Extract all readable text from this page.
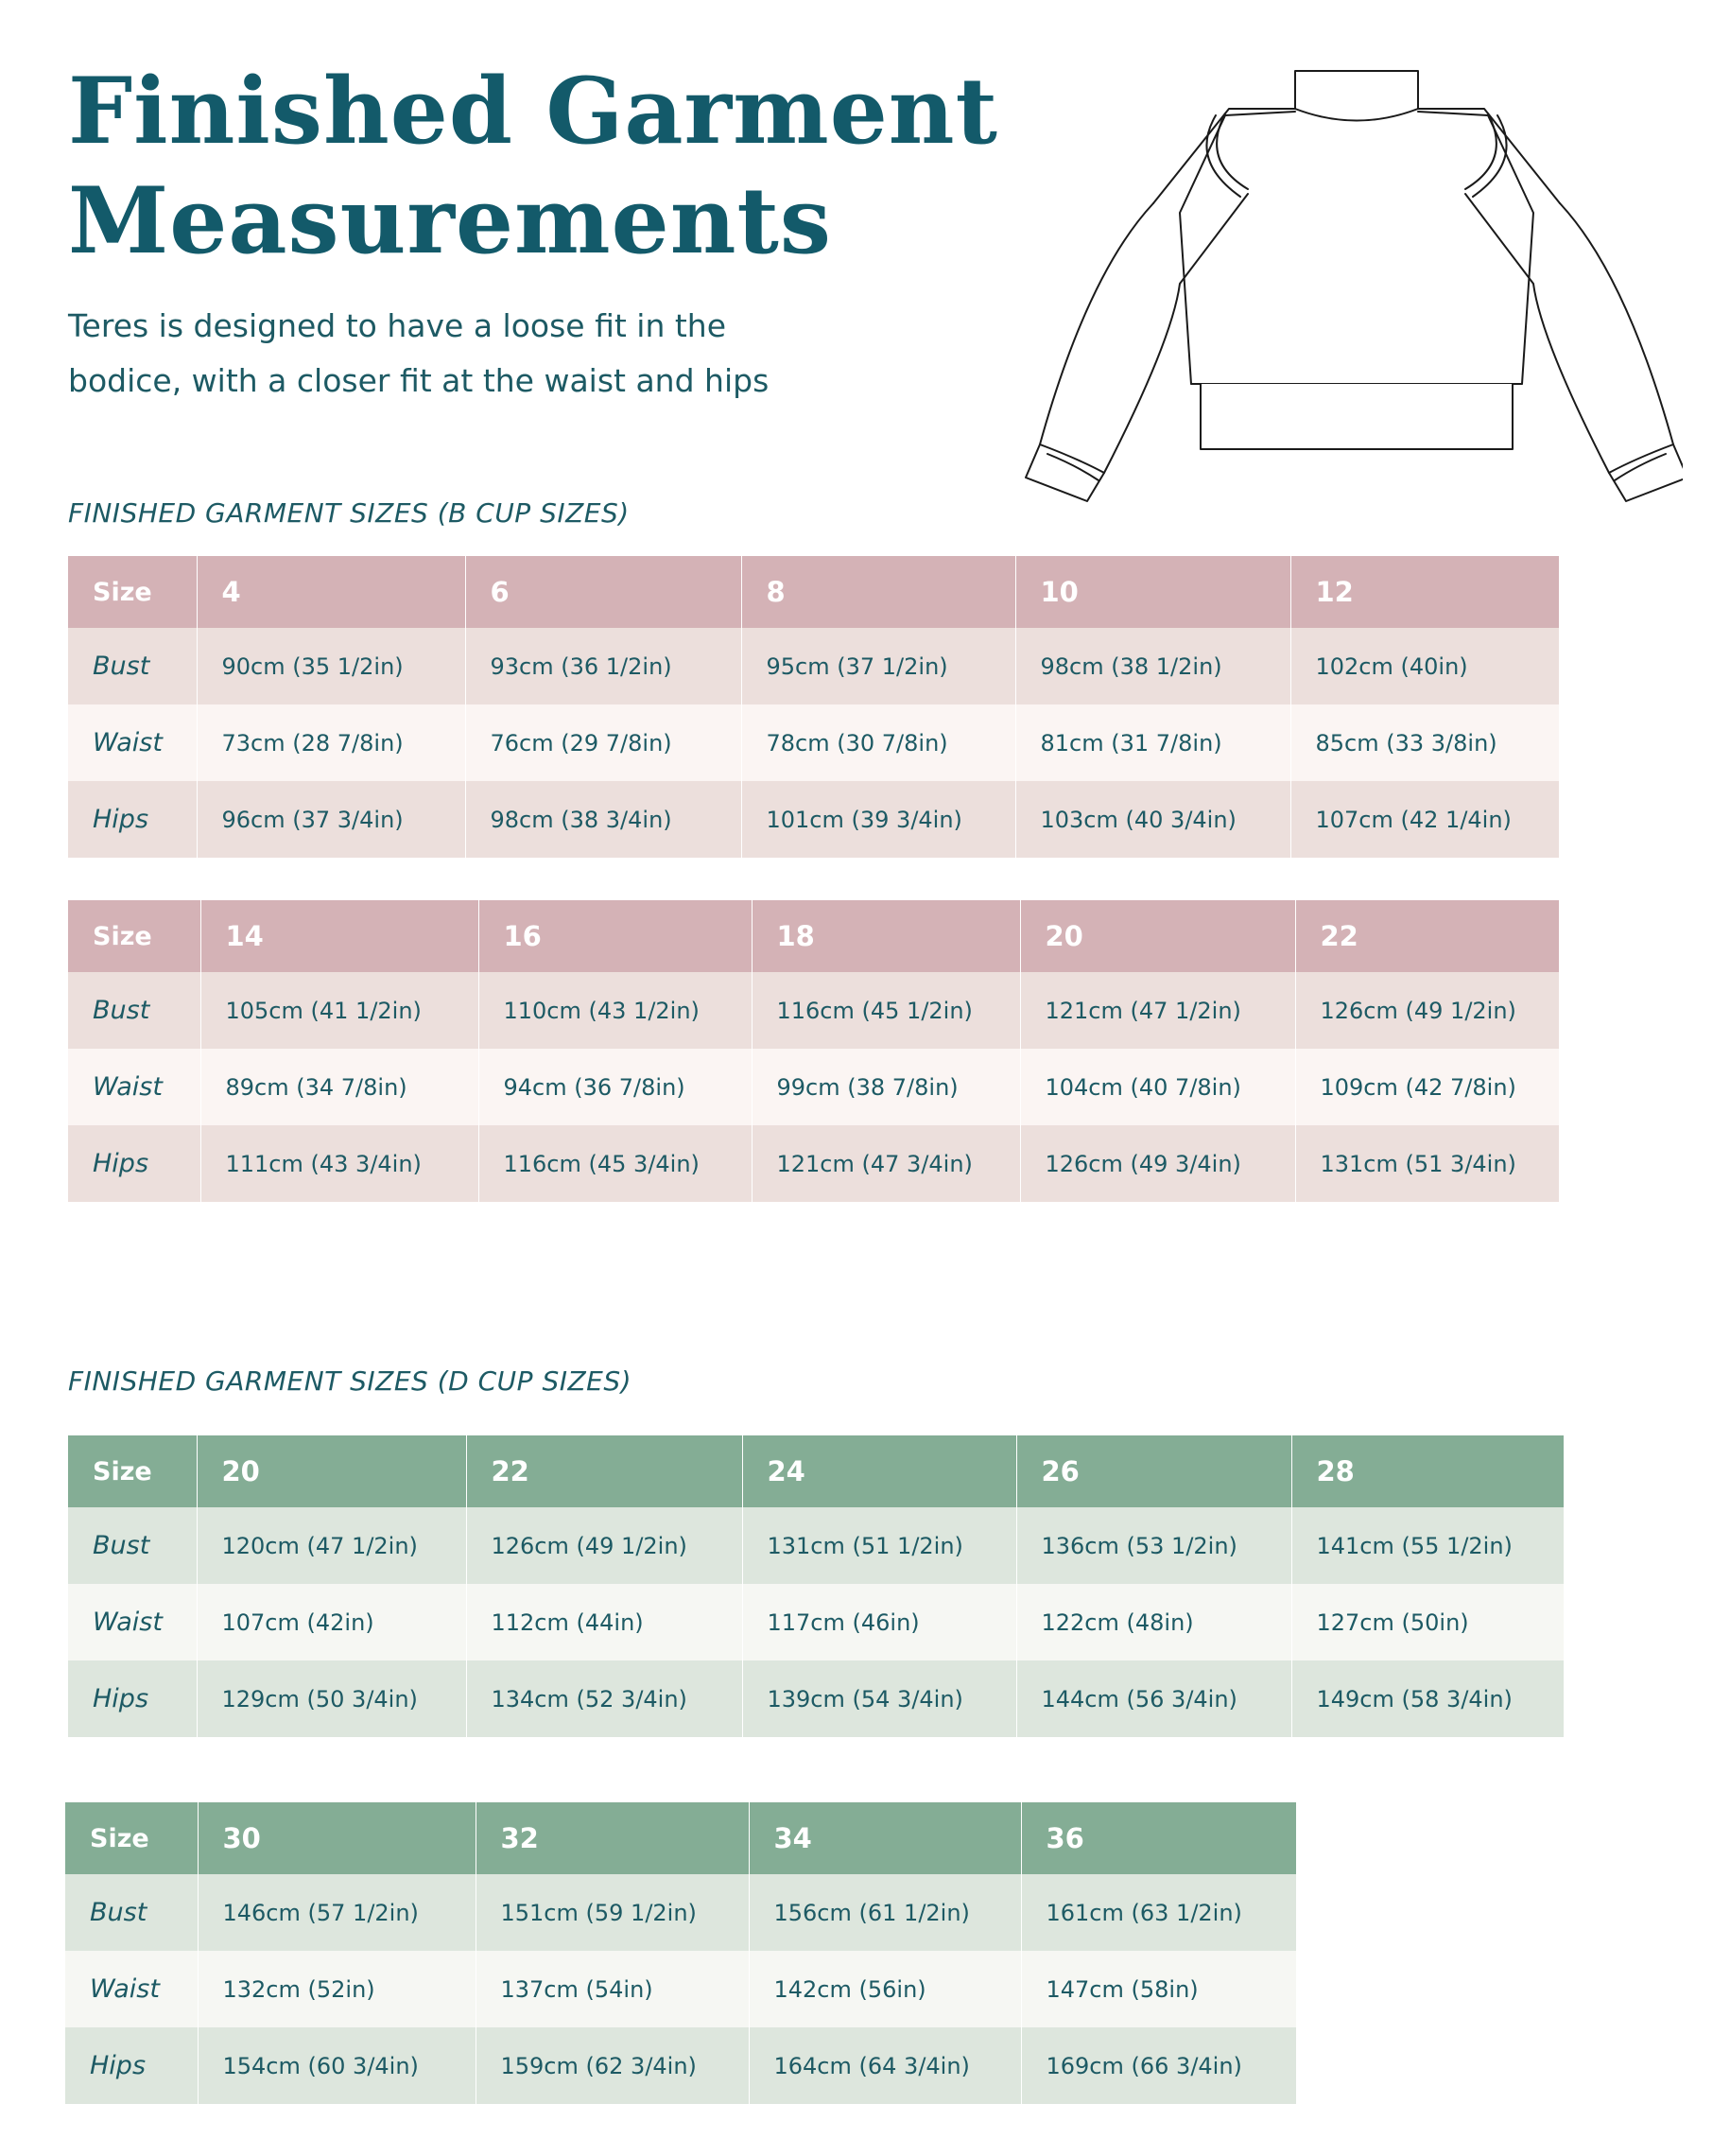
Finished Garment
Measurements

Teres is designed to have a loose fit in the
bodice, with a closer fit at the waist and hips

FINISHED GARMENT SIZES (B CUP SIZES)
Size	4	6	8	10	12
Bust	90cm (35 1/2in)	93cm (36 1/2in)	95cm (37 1/2in)	98cm (38 1/2in)	102cm (40in)
Waist	73cm (28 7/8in)	76cm (29 7/8in)	78cm (30 7/8in)	81cm (31 7/8in)	85cm (33 3/8in)
Hips	96cm (37 3/4in)	98cm (38 3/4in)	101cm (39 3/4in)	103cm (40 3/4in)	107cm (42 1/4in)
Size	14	16	18	20	22
Bust	105cm (41 1/2in)	110cm (43 1/2in)	116cm (45 1/2in)	121cm (47 1/2in)	126cm (49 1/2in)
Waist	89cm (34 7/8in)	94cm (36 7/8in)	99cm (38 7/8in)	104cm (40 7/8in)	109cm (42 7/8in)
Hips	111cm (43 3/4in)	116cm (45 3/4in)	121cm (47 3/4in)	126cm (49 3/4in)	131cm (51 3/4in)
FINISHED GARMENT SIZES (D CUP SIZES)
Size	20	22	24	26	28
Bust	120cm (47 1/2in)	126cm (49 1/2in)	131cm (51 1/2in)	136cm (53 1/2in)	141cm (55 1/2in)
Waist	107cm (42in)	112cm (44in)	117cm (46in)	122cm (48in)	127cm (50in)
Hips	129cm (50 3/4in)	134cm (52 3/4in)	139cm (54 3/4in)	144cm (56 3/4in)	149cm (58 3/4in)
Size	30	32	34	36
Bust	146cm (57 1/2in)	151cm (59 1/2in)	156cm (61 1/2in)	161cm (63 1/2in)
Waist	132cm (52in)	137cm (54in)	142cm (56in)	147cm (58in)
Hips	154cm (60 3/4in)	159cm (62 3/4in)	164cm (64 3/4in)	169cm (66 3/4in)
